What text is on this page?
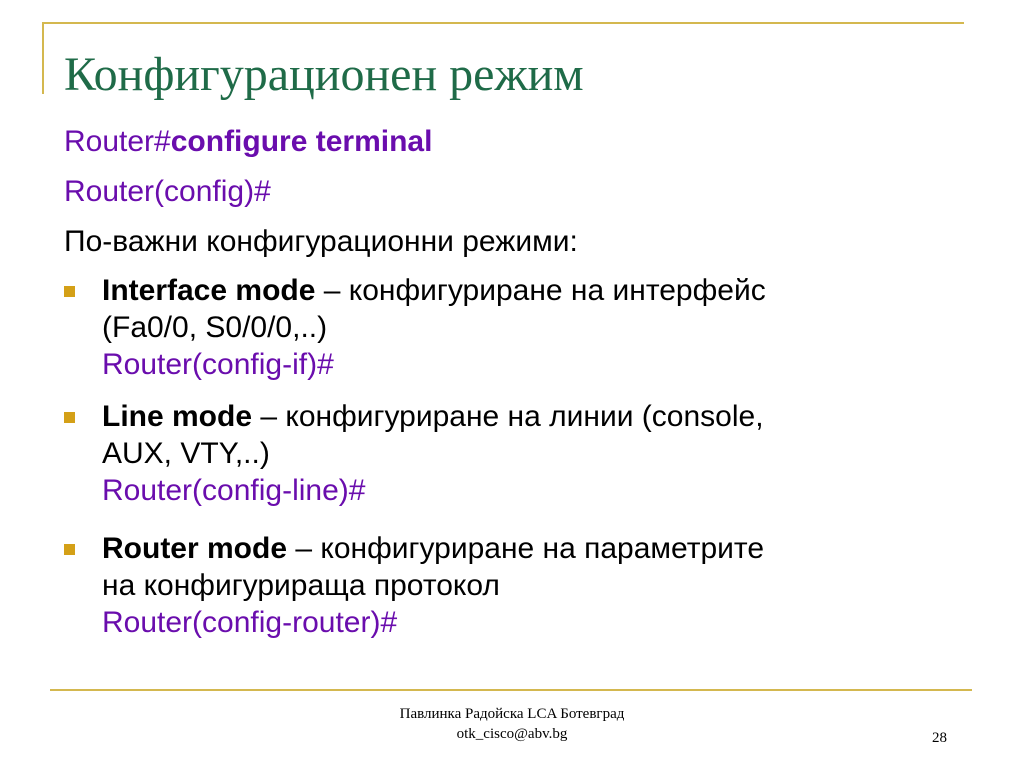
Конфигурационен режим
Router#configure terminal
Router(config)#
По-важни конфигурационни режими:
Interface mode – конфигуриране на интерфейс
(Fa0/0, S0/0/0,..)
Router(config-if)#
Line mode – конфигуриране на линии (console,
AUX, VTY,..)
Router(config-line)#
Router mode – конфигуриране на параметрите
на конфигурираща протокол
Router(config-router)#
Павлинка Радойска LCA Ботевград
otk_cisco@abv.bg	28
